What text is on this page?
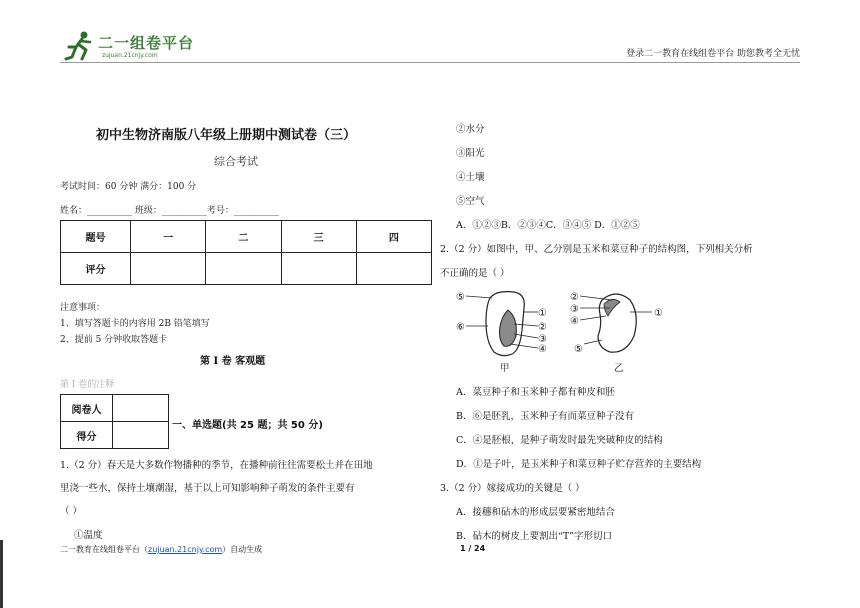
二一组卷平台
zujuan.21cnjy.com	登录二一教育在线组卷平台 助您教考全无忧
初中生物济南版八年级上册期中测试卷（三）
综合考试
考试时间：60 分钟 满分：100 分
姓名：__________ 班级：__________考号：__________
题号	一	二	三	四
评分				
注意事项：
1、填写答题卡的内容用 2B 铅笔填写
2、提前 5 分钟收取答题卡
第 Ⅰ 卷 客观题
第 Ⅰ 卷的注释
阅卷人	
得分	
一、单选题(共 25 题；共 50 分)
1.（2 分）春天是大多数作物播种的季节，在播种前往往需要松土并在田地
里浇一些水，保持土壤潮湿，基于以上可知影响种子萌发的条件主要有
（ ）
①温度
二一教育在线组卷平台（zujuan.21cnjy.com）自动生成	1 / 24
②水分
③阳光
④土壤
⑤空气
A．①②③B．②③④C．③④⑤ D．①②⑤
2.（2 分）如图中，甲、乙分别是玉米和菜豆种子的结构图，下列相关分析
不正确的是（ ）
⑤
⑥
①
②
③
④
②
③
④
①
⑤
甲	乙
A．菜豆种子和玉米种子都有种皮和胚
B．⑥是胚乳，玉米种子有而菜豆种子没有
C．④是胚根，是种子萌发时最先突破种皮的结构
D．①是子叶，是玉米种子和菜豆种子贮存营养的主要结构
3.（2 分）嫁接成功的关键是（ ）
A．接穗和砧木的形成层要紧密地结合
B．砧木的树皮上要割出“T”字形切口
